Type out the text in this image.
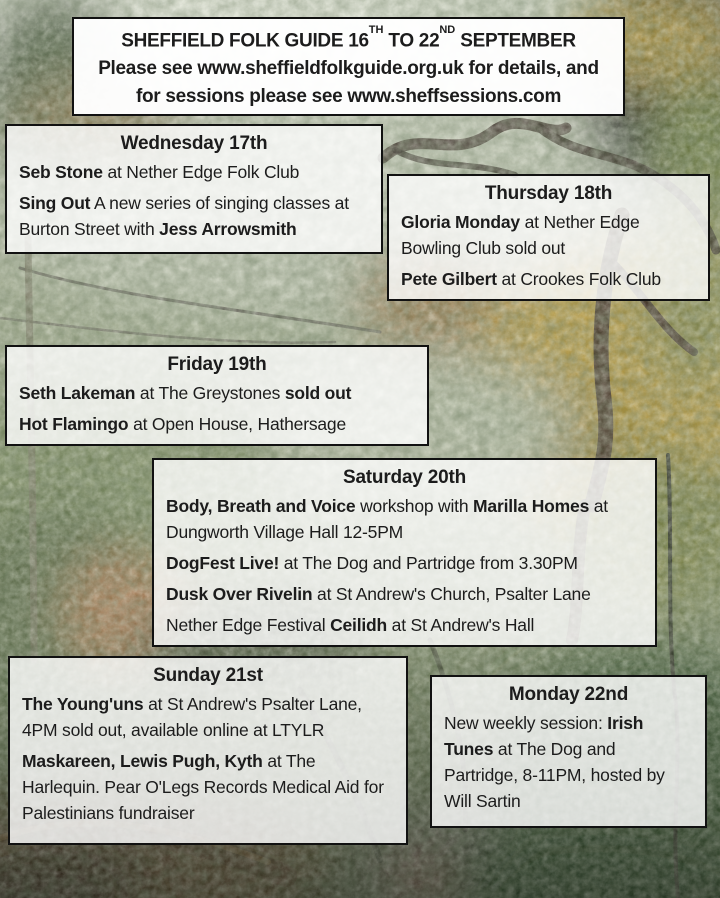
SHEFFIELD FOLK GUIDE 16TH TO 22ND SEPTEMBER

Please see www.sheffieldfolkguide.org.uk for details, and

for sessions please see www.sheffsessions.com

Wednesday 17th

Seb Stone at Nether Edge Folk Club

Sing Out A new series of singing classes at Burton Street with Jess Arrowsmith

Thursday 18th

Gloria Monday at Nether Edge Bowling Club sold out

Pete Gilbert at Crookes Folk Club

Friday 19th

Seth Lakeman at The Greystones sold out

Hot Flamingo at Open House, Hathersage

Saturday 20th

Body, Breath and Voice workshop with Marilla Homes at Dungworth Village Hall 12-5PM

DogFest Live! at The Dog and Partridge from 3.30PM

Dusk Over Rivelin at St Andrew's Church, Psalter Lane

Nether Edge Festival Ceilidh at St Andrew's Hall

Sunday 21st

The Young'uns at St Andrew's Psalter Lane, 4PM sold out, available online at LTYLR

Maskareen, Lewis Pugh, Kyth at The Harlequin. Pear O'Legs Records Medical Aid for Palestinians fundraiser

Monday 22nd

New weekly session: Irish Tunes at The Dog and Partridge, 8-11PM, hosted by Will Sartin
